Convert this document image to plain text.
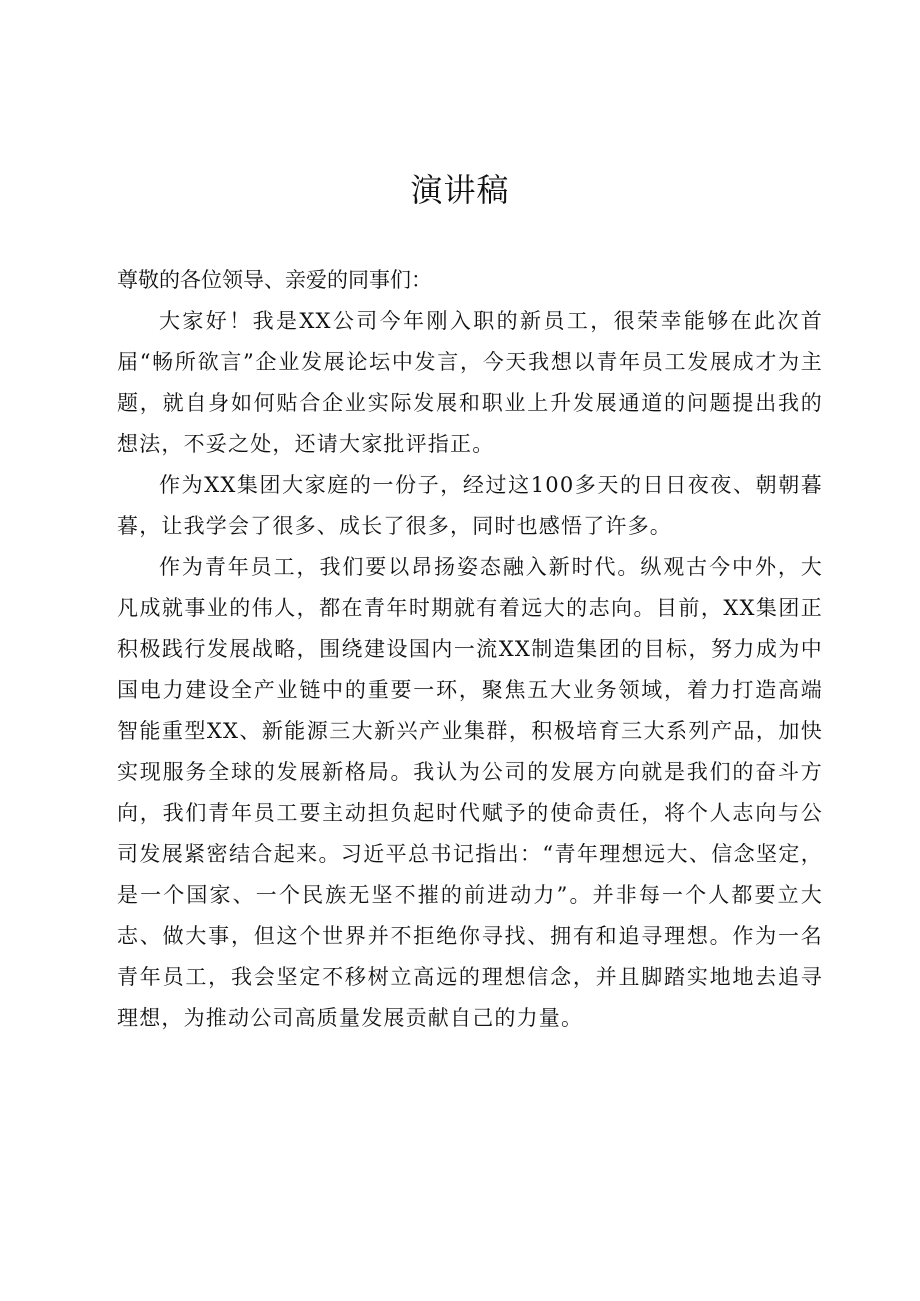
演讲稿

尊敬的各位领导、亲爱的同事们：

大家好！我是XX公司今年刚入职的新员工，很荣幸能够在此次首届“畅所欲言”企业发展论坛中发言，今天我想以青年员工发展成才为主题，就自身如何贴合企业实际发展和职业上升发展通道的问题提出我的想法，不妥之处，还请大家批评指正。

作为XX集团大家庭的一份子，经过这100多天的日日夜夜、朝朝暮暮，让我学会了很多、成长了很多，同时也感悟了许多。

作为青年员工，我们要以昂扬姿态融入新时代。纵观古今中外，大凡成就事业的伟人，都在青年时期就有着远大的志向。目前，XX集团正积极践行发展战略，围绕建设国内一流XX制造集团的目标，努力成为中国电力建设全产业链中的重要一环，聚焦五大业务领域，着力打造高端智能重型XX、新能源三大新兴产业集群，积极培育三大系列产品，加快实现服务全球的发展新格局。我认为公司的发展方向就是我们的奋斗方向，我们青年员工要主动担负起时代赋予的使命责任，将个人志向与公司发展紧密结合起来。习近平总书记指出：“青年理想远大、信念坚定，是一个国家、一个民族无坚不摧的前进动力”。并非每一个人都要立大志、做大事，但这个世界并不拒绝你寻找、拥有和追寻理想。作为一名青年员工，我会坚定不移树立高远的理想信念，并且脚踏实地地去追寻理想，为推动公司高质量发展贡献自己的力量。
